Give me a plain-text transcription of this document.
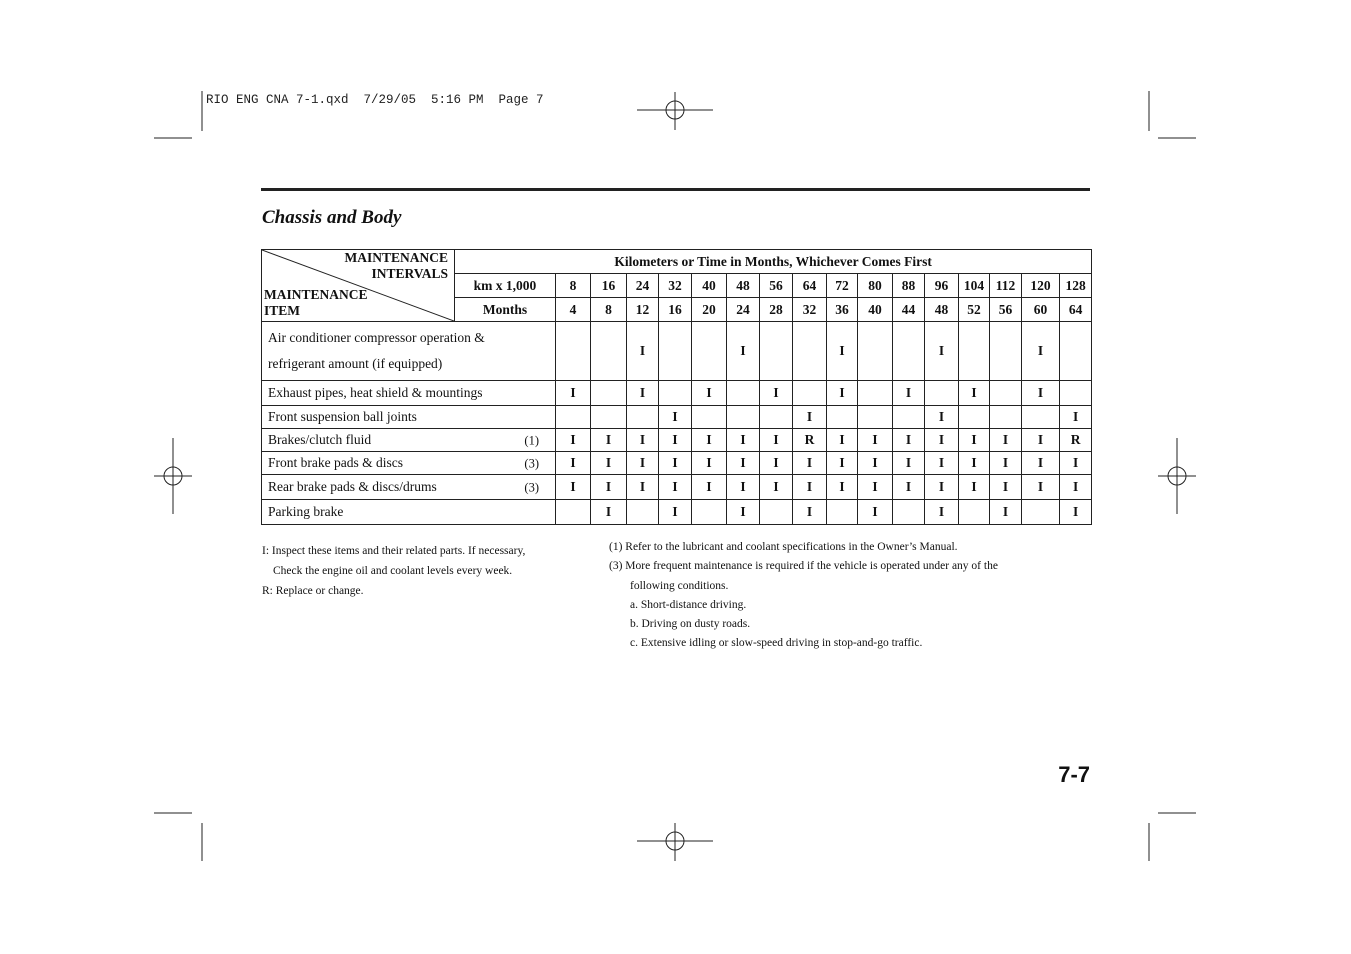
RIO ENG CNA 7-1.qxd  7/29/05  5:16 PM  Page 7
Chassis and Body
MAINTENANCE
INTERVALS
MAINTENANCE
ITEM	Kilometers or Time in Months, Whichever Comes First																
	km x 1,000	8	16	24	32	40	48	56	64	72	80	88	96	104	112	120	128
	Months	4	8	12	16	20	24	28	32	36	40	44	48	52	56	60	64

Air conditioner compressor operation &
refrigerant amount (if equipped)				I			I			I			I			I	

Exhaust pipes, heat shield & mountings		I		I		I		I		I		I		I		I	

Front suspension ball joints					I				I				I				I

Brakes/clutch fluid (1)		I	I	I	I	I	I	I	R	I	I	I	I	I	I	I	R

Front brake pads & discs (3)		I	I	I	I	I	I	I	I	I	I	I	I	I	I	I	I

Rear brake pads & discs/drums (3)		I	I	I	I	I	I	I	I	I	I	I	I	I	I	I	I

Parking brake			I		I		I		I		I		I		I		I
I: Inspect these items and their related parts. If necessary,
Check the engine oil and coolant levels every week.
R: Replace or change.
(1) Refer to the lubricant and coolant specifications in the Owner’s Manual.
(3) More frequent maintenance is required if the vehicle is operated under any of the
following conditions.
a. Short-distance driving.
b. Driving on dusty roads.
c. Extensive idling or slow-speed driving in stop-and-go traffic.
7-7
